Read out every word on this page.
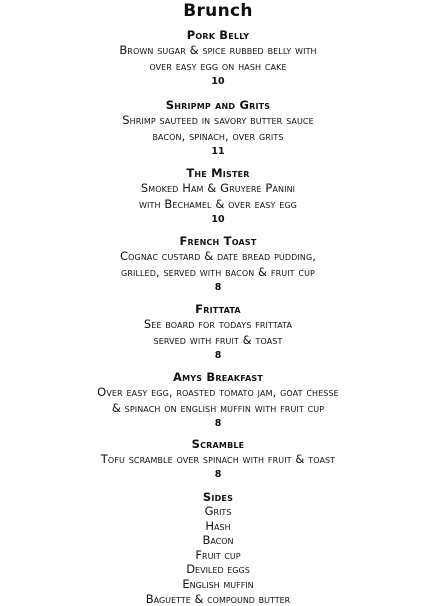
Brunch
Pork Belly
Brown sugar & spice rubbed belly with
over easy egg on hash cake
10
Shripmp and Grits
Shrimp sauteed in savory butter sauce
bacon, spinach, over grits
11
The Mister
Smoked Ham & Gruyere Panini
with Bechamel & over easy egg
10
French Toast
Cognac custard & date bread pudding,
grilled, served with bacon & fruit cup
8
Frittata
See board for todays frittata
served with fruit & toast
8
Amys Breakfast
Over easy egg, roasted tomato jam, goat chesse
& spinach on english muffin with fruit cup
8
Scramble
Tofu scramble over spinach with fruit & toast
8
Sides
Grits
Hash
Bacon
Fruit cup
Deviled eggs
English muffin
Baguette & compound butter
